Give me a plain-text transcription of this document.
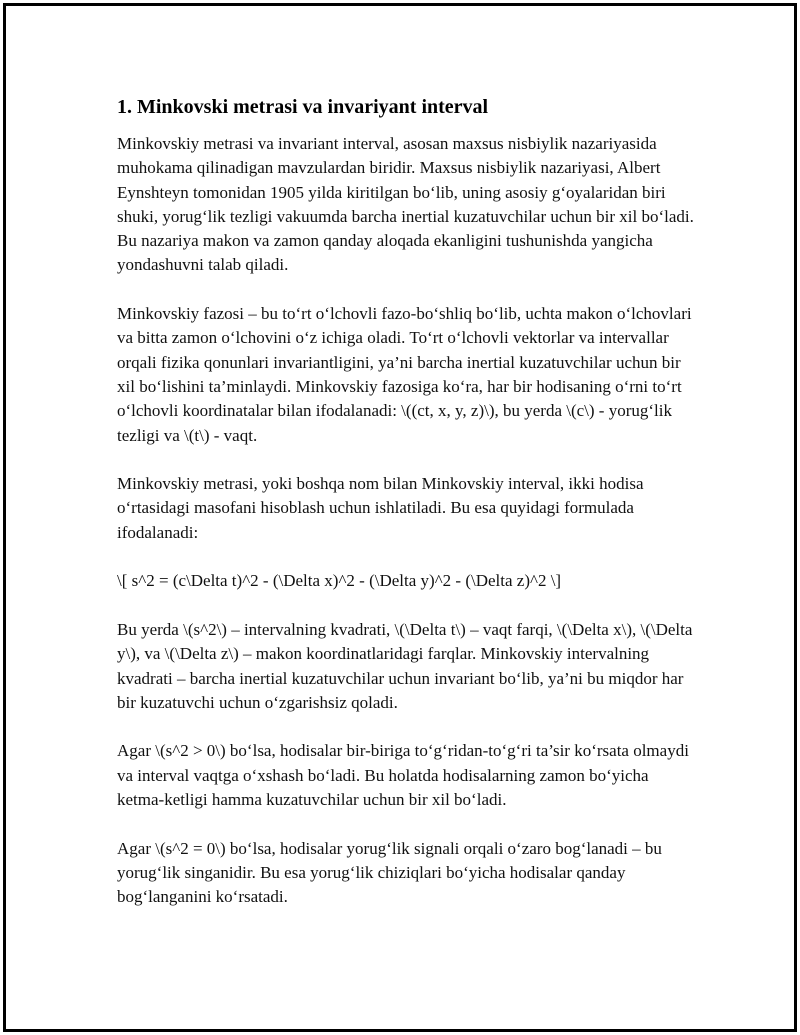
1. Minkovski metrasi va invariyant interval

Minkovskiy metrasi va invariant interval, asosan maxsus nisbiylik nazariyasida muhokama qilinadigan mavzulardan biridir. Maxsus nisbiylik nazariyasi, Albert Eynshteyn tomonidan 1905 yilda kiritilgan bo‘lib, uning asosiy g‘oyalaridan biri shuki, yorug‘lik tezligi vakuumda barcha inertial kuzatuvchilar uchun bir xil bo‘ladi. Bu nazariya makon va zamon qanday aloqada ekanligini tushunishda yangicha yondashuvni talab qiladi.

Minkovskiy fazosi – bu to‘rt o‘lchovli fazo-bo‘shliq bo‘lib, uchta makon o‘lchovlari va bitta zamon o‘lchovini o‘z ichiga oladi. To‘rt o‘lchovli vektorlar va intervallar orqali fizika qonunlari invariantligini, ya’ni barcha inertial kuzatuvchilar uchun bir xil bo‘lishini ta’minlaydi. Minkovskiy fazosiga ko‘ra, har bir hodisaning o‘rni to‘rt o‘lchovli koordinatalar bilan ifodalanadi: \((ct, x, y, z)\), bu yerda \(c\) - yorug‘lik tezligi va \(t\) - vaqt.

Minkovskiy metrasi, yoki boshqa nom bilan Minkovskiy interval, ikki hodisa o‘rtasidagi masofani hisoblash uchun ishlatiladi. Bu esa quyidagi formulada ifodalanadi:

\[ s^2 = (c\Delta t)^2 - (\Delta x)^2 - (\Delta y)^2 - (\Delta z)^2 \]

Bu yerda \(s^2\) – intervalning kvadrati, \(\Delta t\) – vaqt farqi, \(\Delta x\), \(\Delta y\), va \(\Delta z\) – makon koordinatlaridagi farqlar. Minkovskiy intervalning kvadrati – barcha inertial kuzatuvchilar uchun invariant bo‘lib, ya’ni bu miqdor har bir kuzatuvchi uchun o‘zgarishsiz qoladi.

Agar \(s^2 > 0\) bo‘lsa, hodisalar bir-biriga to‘g‘ridan-to‘g‘ri ta’sir ko‘rsata olmaydi va interval vaqtga o‘xshash bo‘ladi. Bu holatda hodisalarning zamon bo‘yicha ketma-ketligi hamma kuzatuvchilar uchun bir xil bo‘ladi.

Agar \(s^2 = 0\) bo‘lsa, hodisalar yorug‘lik signali orqali o‘zaro bog‘lanadi – bu yorug‘lik singanidir. Bu esa yorug‘lik chiziqlari bo‘yicha hodisalar qanday bog‘langanini ko‘rsatadi.
